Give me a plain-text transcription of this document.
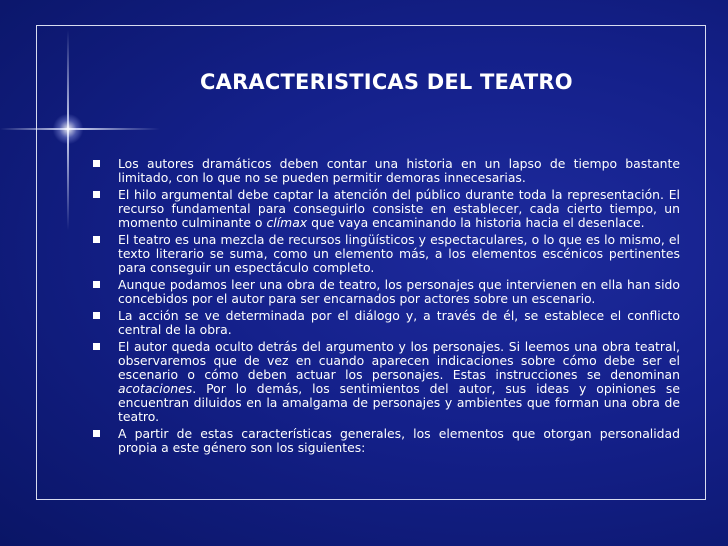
CARACTERISTICAS DEL TEATRO
Los autores dramáticos deben contar una historia en un lapso de tiempo bastante limitado, con lo que no se pueden permitir demoras innecesarias.
El hilo argumental debe captar la atención del público durante toda la representación. El recurso fundamental para conseguirlo consiste en establecer, cada cierto tiempo, un momento culminante o clímax que vaya encaminando la historia hacia el desenlace.
El teatro es una mezcla de recursos lingüísticos y espectaculares, o lo que es lo mismo, el texto literario se suma, como un elemento más, a los elementos escénicos pertinentes para conseguir un espectáculo completo.
Aunque podamos leer una obra de teatro, los personajes que intervienen en ella han sido concebidos por el autor para ser encarnados por actores sobre un escenario.
La acción se ve determinada por el diálogo y, a través de él, se establece el conflicto central de la obra.
El autor queda oculto detrás del argumento y los personajes. Si leemos una obra teatral, observaremos que de vez en cuando aparecen indicaciones sobre cómo debe ser el escenario o cómo deben actuar los personajes. Estas instrucciones se denominan acotaciones. Por lo demás, los sentimientos del autor, sus ideas y opiniones se encuentran diluidos en la amalgama de personajes y ambientes que forman una obra de teatro.
A partir de estas características generales, los elementos que otorgan personalidad propia a este género son los siguientes:
